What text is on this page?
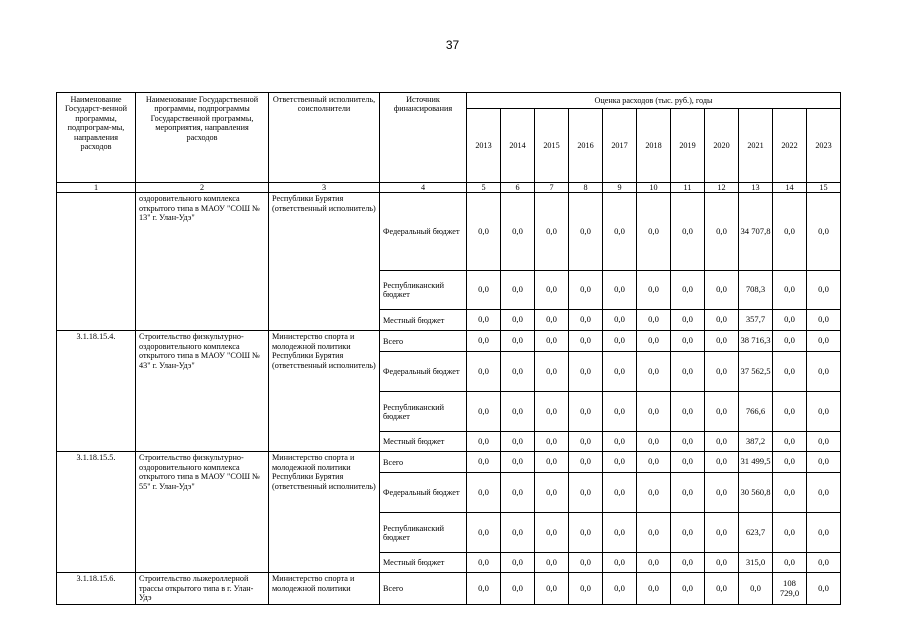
37
Наименование Государст-венной программы, подпрограм-мы, направления расходов	Наименование Государственной программы, подпрограммы Государственной программы, мероприятия, направления расходов	Ответственный исполнитель, соисполнители	Источник финансирования	Оценка расходов (тыс. руб.), годы										
				2013	2014	2015	2016	2017	2018	2019	2020	2021	2022	2023
1	2	3	4	5	6	7	8	9	10	11	12	13	14	15
	оздоровительного комплекса открытого типа в МАОУ "СОШ № 13" г. Улан-Удэ"	Республики Бурятия (ответственный исполнитель)	Федеральный бюджет	0,0	0,0	0,0	0,0	0,0	0,0	0,0	0,0	34 707,8	0,0	0,0
			Республиканский бюджет	0,0	0,0	0,0	0,0	0,0	0,0	0,0	0,0	708,3	0,0	0,0
			Местный бюджет	0,0	0,0	0,0	0,0	0,0	0,0	0,0	0,0	357,7	0,0	0,0
3.1.18.15.4.	Строительство физкультурно-оздоровительного комплекса открытого типа в МАОУ "СОШ № 43" г. Улан-Удэ"	Министерство спорта и молодежной политики Республики Бурятия (ответственный исполнитель)	Всего	0,0	0,0	0,0	0,0	0,0	0,0	0,0	0,0	38 716,3	0,0	0,0
			Федеральный бюджет	0,0	0,0	0,0	0,0	0,0	0,0	0,0	0,0	37 562,5	0,0	0,0
			Республиканский бюджет	0,0	0,0	0,0	0,0	0,0	0,0	0,0	0,0	766,6	0,0	0,0
			Местный бюджет	0,0	0,0	0,0	0,0	0,0	0,0	0,0	0,0	387,2	0,0	0,0
3.1.18.15.5.	Строительство физкультурно-оздоровительного комплекса открытого типа в МАОУ "СОШ № 55" г. Улан-Удэ"	Министерство спорта и молодежной политики Республики Бурятия (ответственный исполнитель)	Всего	0,0	0,0	0,0	0,0	0,0	0,0	0,0	0,0	31 499,5	0,0	0,0
			Федеральный бюджет	0,0	0,0	0,0	0,0	0,0	0,0	0,0	0,0	30 560,8	0,0	0,0
			Республиканский бюджет	0,0	0,0	0,0	0,0	0,0	0,0	0,0	0,0	623,7	0,0	0,0
			Местный бюджет	0,0	0,0	0,0	0,0	0,0	0,0	0,0	0,0	315,0	0,0	0,0
3.1.18.15.6.	Строительство лыжероллерной трассы открытого типа в г. Улан-Удэ	Министерство спорта и молодежной политики	Всего	0,0	0,0	0,0	0,0	0,0	0,0	0,0	0,0	0,0	108 729,0	0,0
